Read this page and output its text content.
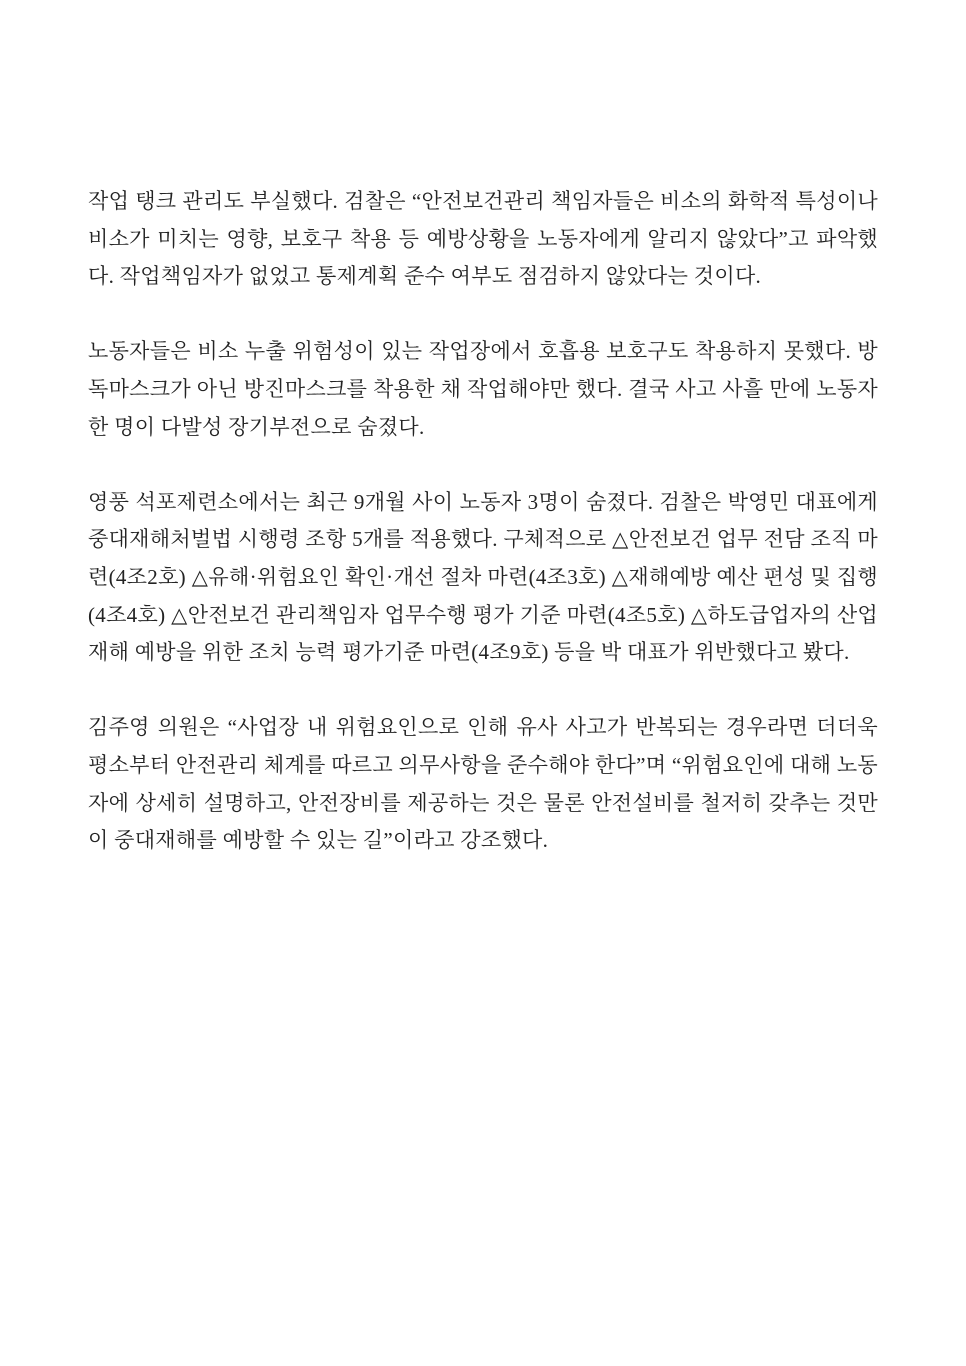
작업 탱크 관리도 부실했다. 검찰은 “안전보건관리 책임자들은 비소의 화학적 특성이나 비소가 미치는 영향, 보호구 착용 등 예방상황을 노동자에게 알리지 않았다”고 파악했다. 작업책임자가 없었고 통제계획 준수 여부도 점검하지 않았다는 것이다.

노동자들은 비소 누출 위험성이 있는 작업장에서 호흡용 보호구도 착용하지 못했다. 방독마스크가 아닌 방진마스크를 착용한 채 작업해야만 했다. 결국 사고 사흘 만에 노동자 한 명이 다발성 장기부전으로 숨졌다.

영풍 석포제련소에서는 최근 9개월 사이 노동자 3명이 숨졌다. 검찰은 박영민 대표에게 중대재해처벌법 시행령 조항 5개를 적용했다. 구체적으로 △안전보건 업무 전담 조직 마련(4조2호) △유해·위험요인 확인·개선 절차 마련(4조3호) △재해예방 예산 편성 및 집행(4조4호) △안전보건 관리책임자 업무수행 평가 기준 마련(4조5호) △하도급업자의 산업재해 예방을 위한 조치 능력 평가기준 마련(4조9호) 등을 박 대표가 위반했다고 봤다.

김주영 의원은 “사업장 내 위험요인으로 인해 유사 사고가 반복되는 경우라면 더더욱 평소부터 안전관리 체계를 따르고 의무사항을 준수해야 한다”며 “위험요인에 대해 노동자에 상세히 설명하고, 안전장비를 제공하는 것은 물론 안전설비를 철저히 갖추는 것만이 중대재해를 예방할 수 있는 길”이라고 강조했다.
